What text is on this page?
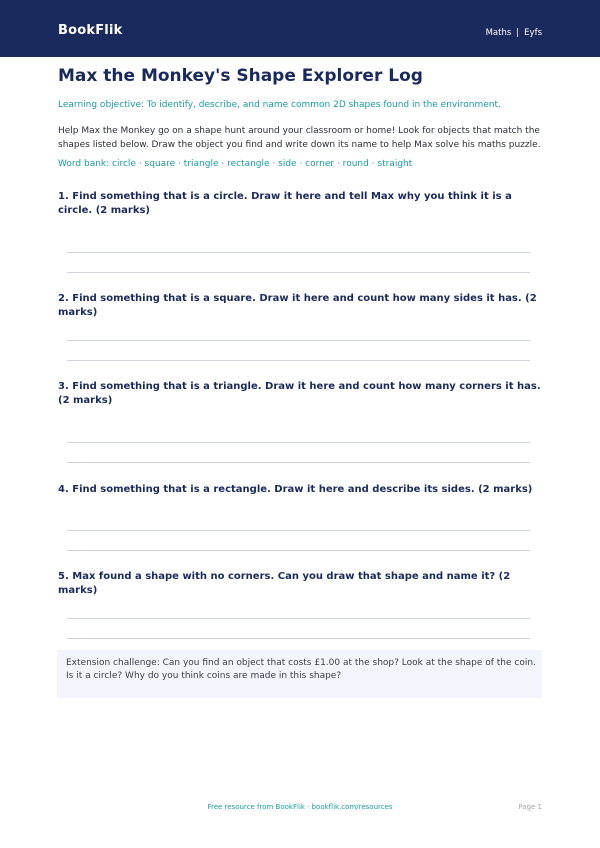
BookFlik	Maths | Eyfs
Max the Monkey's Shape Explorer Log
Learning objective: To identify, describe, and name common 2D shapes found in the environment.
Help Max the Monkey go on a shape hunt around your classroom or home! Look for objects that match the shapes listed below. Draw the object you find and write down its name to help Max solve his maths puzzle.
Word bank: circle · square · triangle · rectangle · side · corner · round · straight
1. Find something that is a circle. Draw it here and tell Max why you think it is a circle. (2 marks)
2. Find something that is a square. Draw it here and count how many sides it has. (2 marks)
3. Find something that is a triangle. Draw it here and count how many corners it has. (2 marks)
4. Find something that is a rectangle. Draw it here and describe its sides. (2 marks)
5. Max found a shape with no corners. Can you draw that shape and name it? (2 marks)
Extension challenge: Can you find an object that costs £1.00 at the shop? Look at the shape of the coin. Is it a circle? Why do you think coins are made in this shape?
Free resource from BookFlik · bookflik.com/resources	Page 1
